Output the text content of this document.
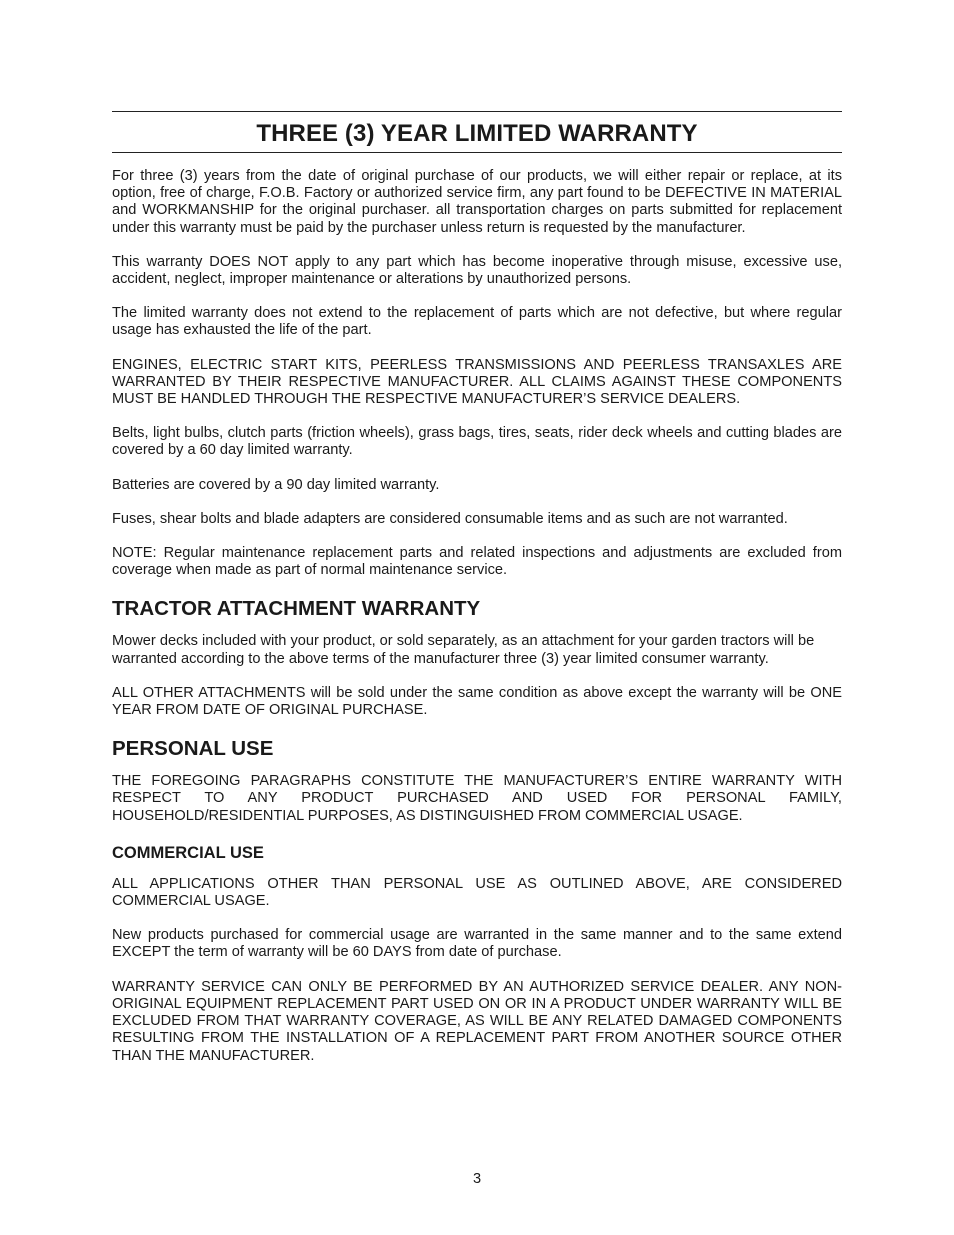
THREE (3) YEAR LIMITED WARRANTY

For three (3) years from the date of original purchase of our products, we will either repair or replace, at its option, free of charge, F.O.B. Factory or authorized service firm, any part found to be DEFECTIVE IN MATERIAL and WORKMANSHIP for the original purchaser. all transportation charges on parts submitted for replacement under this warranty must be paid by the purchaser unless return is requested by the manufacturer.

This warranty DOES NOT apply to any part which has become inoperative through misuse, excessive use, accident, neglect, improper maintenance or alterations by unauthorized persons.

The limited warranty does not extend to the replacement of parts which are not defective, but where regular usage has exhausted the life of the part.

ENGINES, ELECTRIC START KITS, PEERLESS TRANSMISSIONS AND PEERLESS TRANSAXLES ARE WARRANTED BY THEIR RESPECTIVE MANUFACTURER. ALL CLAIMS AGAINST THESE COMPONENTS MUST BE HANDLED THROUGH THE RESPECTIVE MANUFACTURER’S SERVICE DEALERS.

Belts, light bulbs, clutch parts (friction wheels), grass bags, tires, seats, rider deck wheels and cutting blades are covered by a 60 day limited warranty.

Batteries are covered by a 90 day limited warranty.

Fuses, shear bolts and blade adapters are considered consumable items and as such are not warranted.

NOTE: Regular maintenance replacement parts and related inspections and adjustments are excluded from coverage when made as part of normal maintenance service.

TRACTOR ATTACHMENT WARRANTY

Mower decks included with your product, or sold separately, as an attachment for your garden tractors will be warranted according to the above terms of the manufacturer three (3) year limited consumer warranty.

ALL OTHER ATTACHMENTS will be sold under the same condition as above except the warranty will be ONE YEAR FROM DATE OF ORIGINAL PURCHASE.

PERSONAL USE

THE FOREGOING PARAGRAPHS CONSTITUTE THE MANUFACTURER’S ENTIRE WARRANTY WITH RESPECT TO ANY PRODUCT PURCHASED AND USED FOR PERSONAL FAMILY, HOUSEHOLD/RESIDENTIAL PURPOSES, AS DISTINGUISHED FROM COMMERCIAL USAGE.

COMMERCIAL USE

ALL APPLICATIONS OTHER THAN PERSONAL USE AS OUTLINED ABOVE, ARE CONSIDERED COMMERCIAL USAGE.

New products purchased for commercial usage are warranted in the same manner and to the same extend EXCEPT the term of warranty will be 60 DAYS from date of purchase.

WARRANTY SERVICE CAN ONLY BE PERFORMED BY AN AUTHORIZED SERVICE DEALER. ANY NON-ORIGINAL EQUIPMENT REPLACEMENT PART USED ON OR IN A PRODUCT UNDER WARRANTY WILL BE EXCLUDED FROM THAT WARRANTY COVERAGE, AS WILL BE ANY RELATED DAMAGED COMPONENTS RESULTING FROM THE INSTALLATION OF A REPLACEMENT PART FROM ANOTHER SOURCE OTHER THAN THE MANUFACTURER.

3
